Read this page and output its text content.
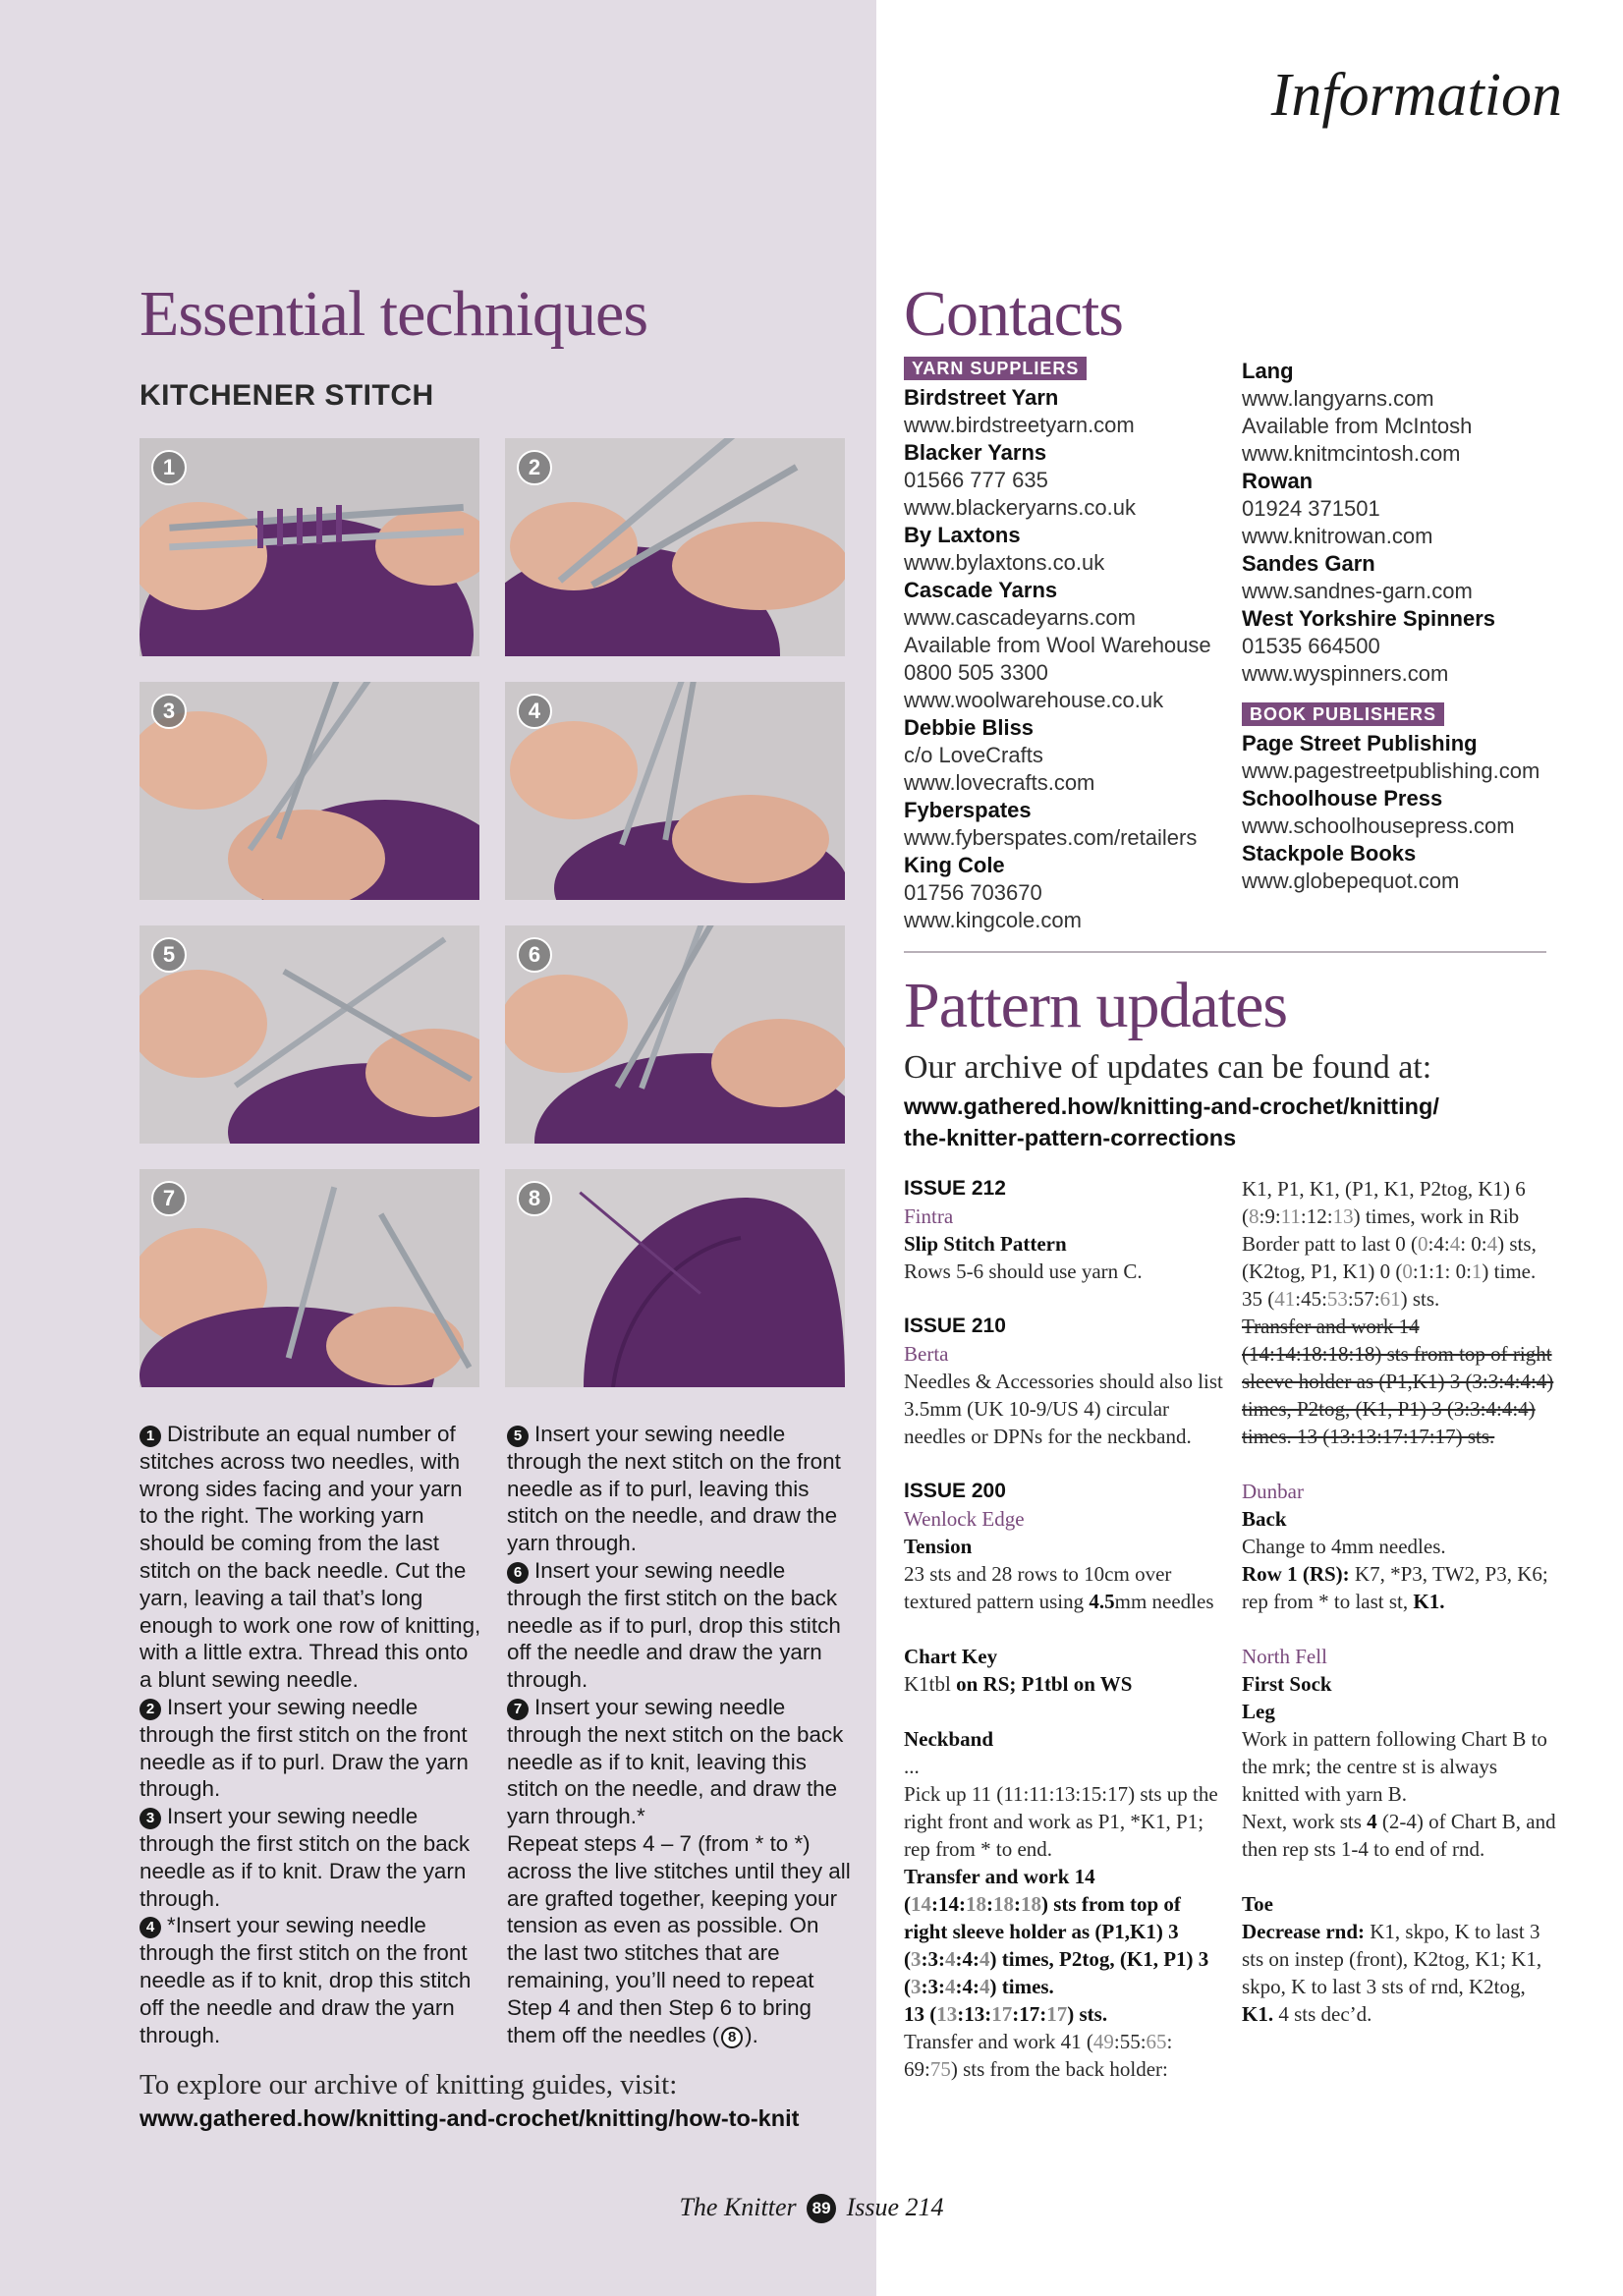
Information
Essential techniques
KITCHENER STITCH
1	2
3	4
5	6
7	8

1 Distribute an equal number of stitches across two needles, with wrong sides facing and your yarn to the right. The working yarn should be coming from the last stitch on the back needle. Cut the yarn, leaving a tail that’s long enough to work one row of knitting, with a little extra. Thread this onto a blunt sewing needle.

2 Insert your sewing needle through the first stitch on the front needle as if to purl. Draw the yarn through.

3 Insert your sewing needle through the first stitch on the back needle as if to knit. Draw the yarn through.

4 *Insert your sewing needle through the first stitch on the front needle as if to knit, drop this stitch off the needle and draw the yarn through.

5 Insert your sewing needle through the next stitch on the front needle as if to purl, leaving this stitch on the needle, and draw the yarn through.

6 Insert your sewing needle through the first stitch on the back needle as if to purl, drop this stitch off the needle and draw the yarn through.

7 Insert your sewing needle through the next stitch on the back needle as if to knit, leaving this stitch on the needle, and draw the yarn through.*

Repeat steps 4 – 7 (from * to *) across the live stitches until they all are grafted together, keeping your tension as even as possible. On the last two stitches that are remaining, you’ll need to repeat Step 4 and then Step 6 to bring them off the needles ( 8 ).

To explore our archive of knitting guides, visit:

www.gathered.how/knitting-and-crochet/knitting/how-to-knit

Contacts
YARN SUPPLIERS

Birdstreet Yarn

www.birdstreetyarn.com

Blacker Yarns

01566 777 635

www.blackeryarns.co.uk

By Laxtons

www.bylaxtons.co.uk

Cascade Yarns

www.cascadeyarns.com

Available from Wool Warehouse

0800 505 3300

www.woolwarehouse.co.uk

Debbie Bliss

c/o LoveCrafts

www.lovecrafts.com

Fyberspates

www.fyberspates.com/retailers

King Cole

01756 703670

www.kingcole.com

Lang

www.langyarns.com

Available from McIntosh

www.knitmcintosh.com

Rowan

01924 371501

www.knitrowan.com

Sandes Garn

www.sandnes-garn.com

West Yorkshire Spinners

01535 664500

www.wyspinners.com

BOOK PUBLISHERS

Page Street Publishing

www.pagestreetpublishing.com

Schoolhouse Press

www.schoolhousepress.com

Stackpole Books

www.globepequot.com

Pattern updates

Our archive of updates can be found at:

www.gathered.how/knitting-and-crochet/knitting/
the-knitter-pattern-corrections

ISSUE 212

Fintra

Slip Stitch Pattern

Rows 5-6 should use yarn C.

ISSUE 210

Berta

Needles & Accessories should also list 3.5mm (UK 10-9/US 4) circular needles or DPNs for the neckband.

ISSUE 200

Wenlock Edge

Tension

23 sts and 28 rows to 10cm over textured pattern using 4.5mm needles

Chart Key

K1tbl on RS; P1tbl on WS

Neckband

...

Pick up 11 (11:11:13:15:17) sts up the right front and work as P1, *K1, P1; rep from * to end.

Transfer and work 14 (14:14:18:18:18) sts from top of right sleeve holder as (P1,K1) 3 (3:3:4:4:4) times, P2tog, (K1, P1) 3 (3:3:4:4:4) times.

13 (13:13:17:17:17) sts.

Transfer and work 41 (49:55:65: 69:75) sts from the back holder:

K1, P1, K1, (P1, K1, P2tog, K1) 6 (8:9:11:12:13) times, work in Rib Border patt to last 0 (0:4:4: 0:4) sts, (K2tog, P1, K1) 0 (0:1:1: 0:1) time.

35 (41:45:53:57:61) sts.

Transfer and work 14 (14:14:18:18:18) sts from top of right sleeve holder as (P1,K1) 3 (3:3:4:4:4) times, P2tog, (K1, P1) 3 (3:3:4:4:4) times. 13 (13:13:17:17:17) sts.

Dunbar

Back

Change to 4mm needles.

Row 1 (RS): K7, *P3, TW2, P3, K6; rep from * to last st, K1.

North Fell

First Sock

Leg

Work in pattern following Chart B to the mrk; the centre st is always knitted with yarn B.

Next, work sts 4 (2-4) of Chart B, and then rep sts 1-4 to end of rnd.

Toe

Decrease rnd: K1, skpo, K to last 3 sts on instep (front), K2tog, K1; K1, skpo, K to last 3 sts of rnd, K2tog, K1. 4 sts dec’d.

The Knitter 89 Issue 214
